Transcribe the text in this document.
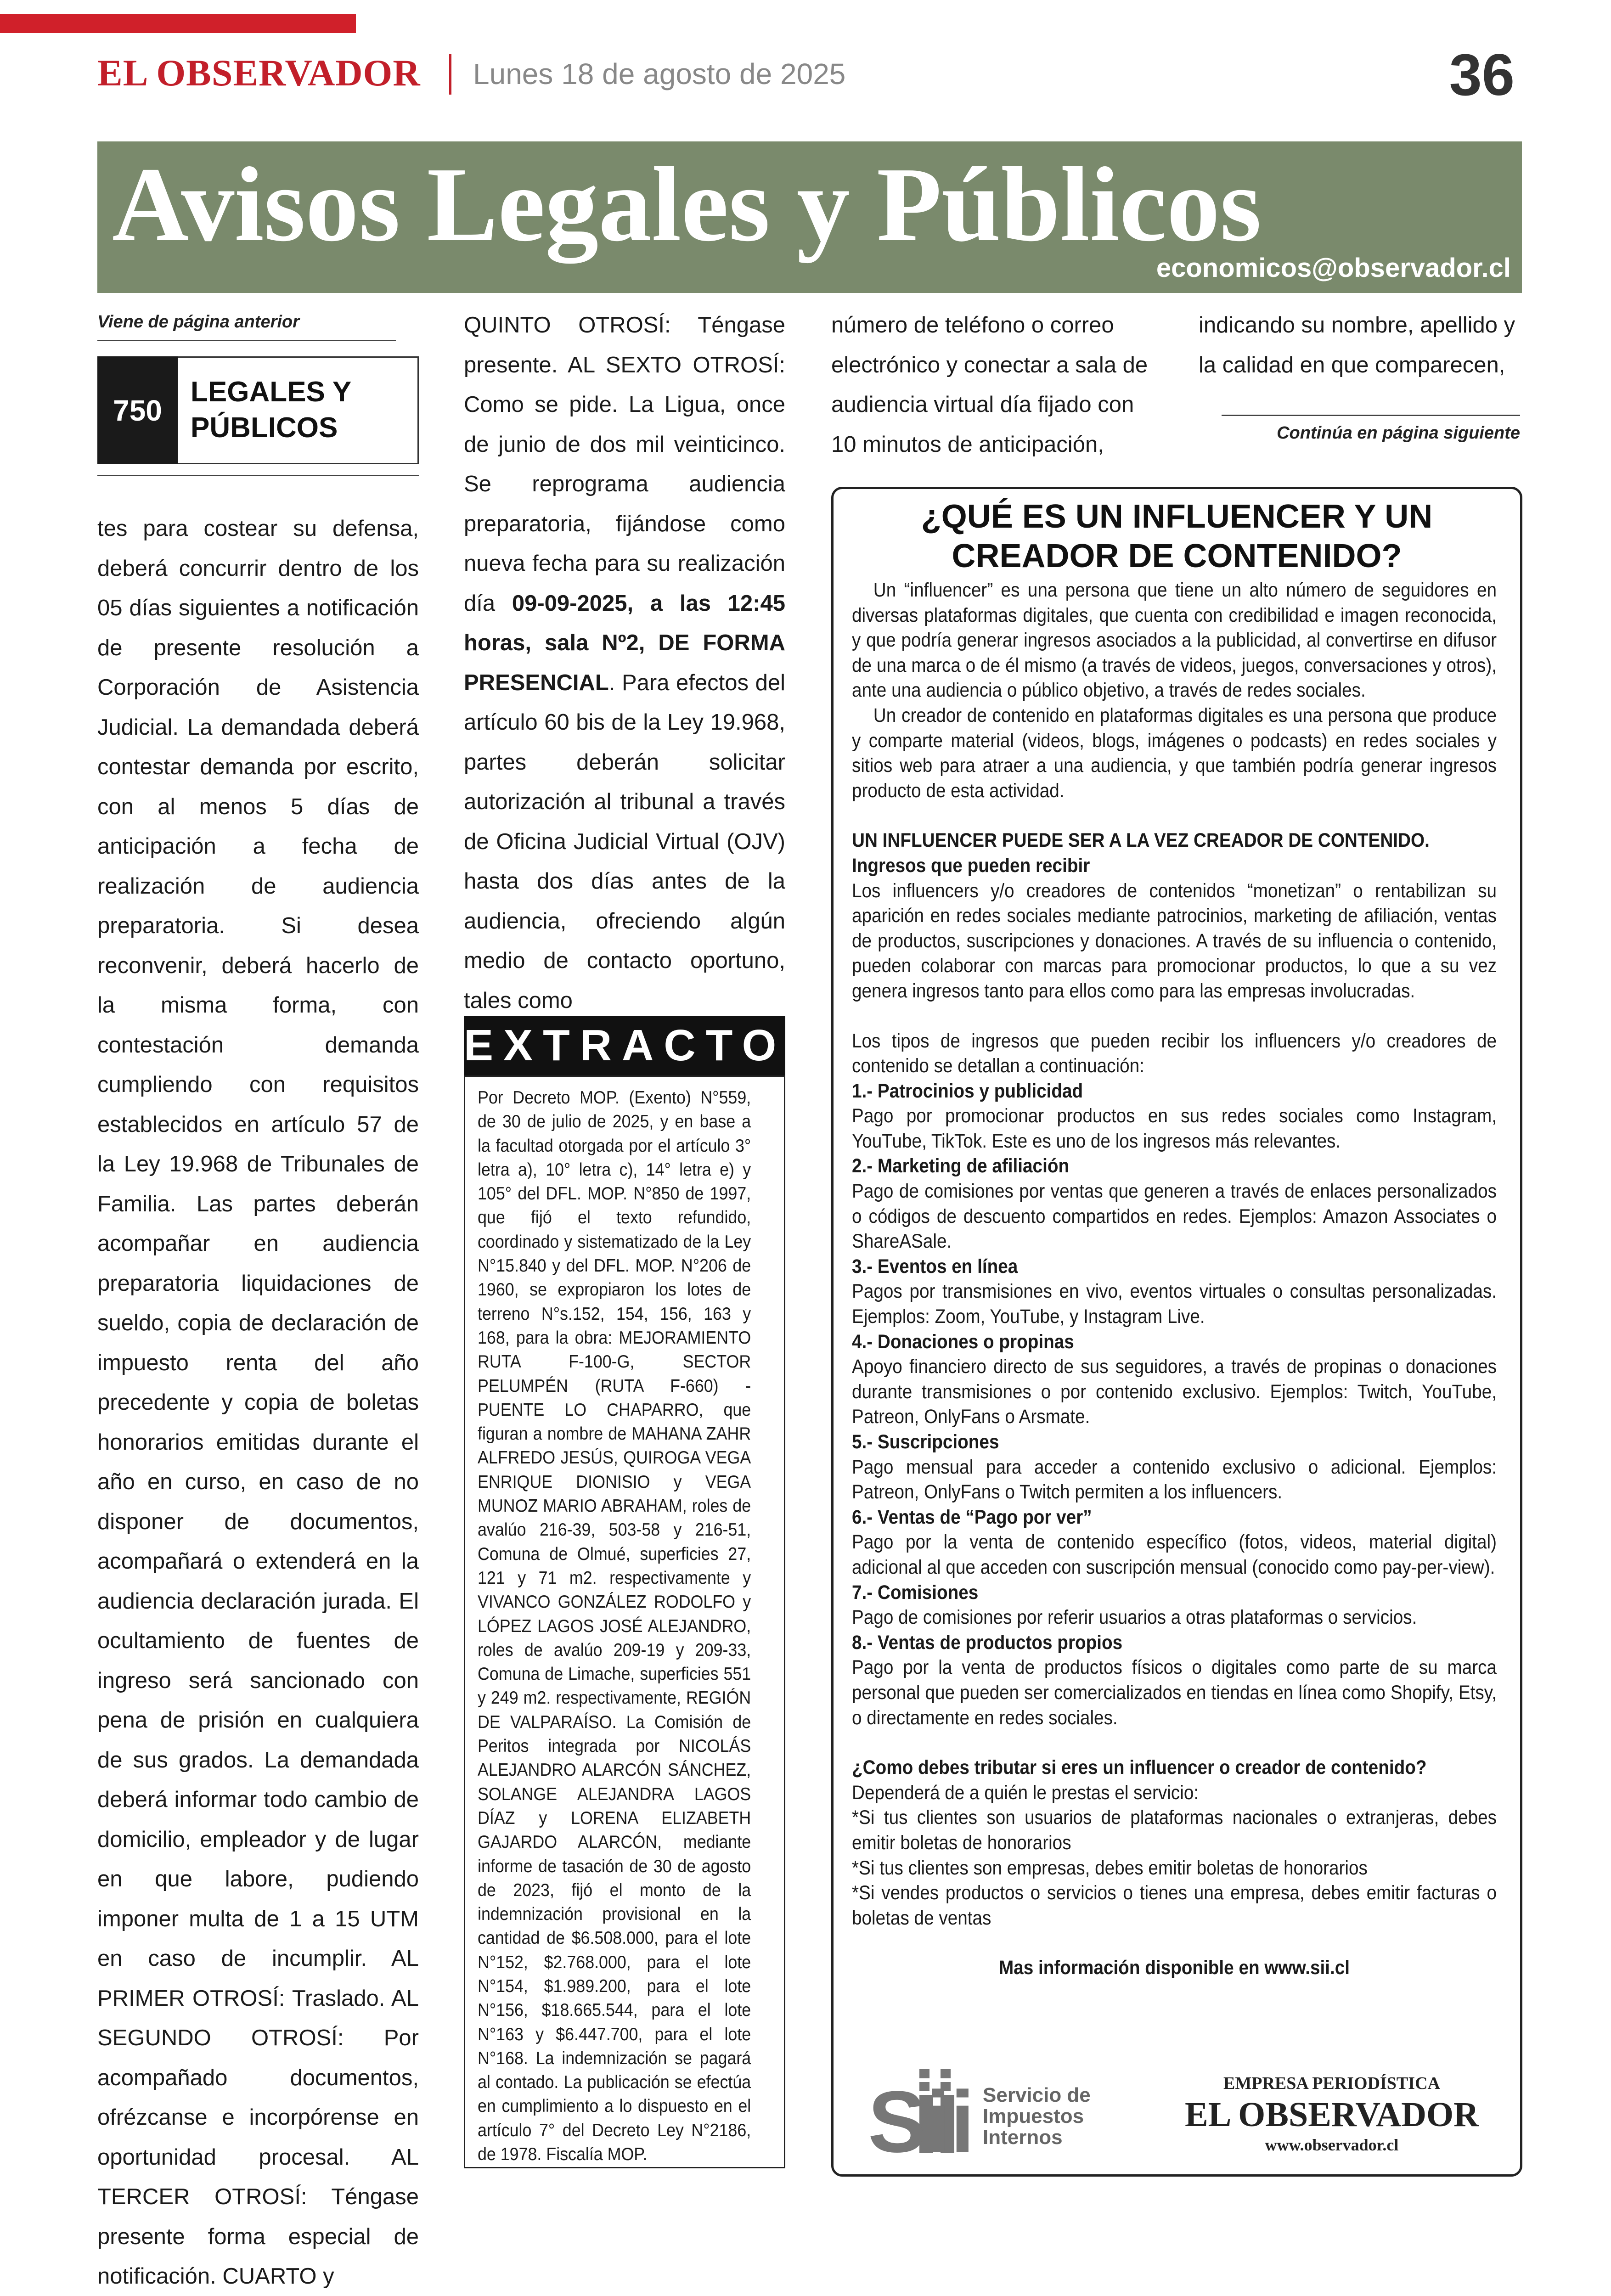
EL OBSERVADOR Lunes 18 de agosto de 2025	36
Avisos Legales y Públicos
economicos@observador.cl
Viene de página anterior
750
LEGALES Y
PÚBLICOS

tes para costear su defensa, deberá concurrir dentro de los 05 días siguientes a notificación de presente resolución a Corporación de Asistencia Judicial. La demandada deberá contestar demanda por escrito, con al menos 5 días de anticipación a fecha de realización de audiencia preparatoria. Si desea reconvenir, deberá hacerlo de la misma forma, con contestación demanda cumpliendo con requisitos establecidos en artículo 57 de la Ley 19.968 de Tribunales de Familia. Las partes deberán acompañar en audiencia preparatoria liquidaciones de sueldo, copia de declaración de impuesto renta del año precedente y copia de boletas honorarios emitidas durante el año en curso, en caso de no disponer de documentos, acompañará o extenderá en la audiencia declaración jurada. El ocultamiento de fuentes de ingreso será sancionado con pena de prisión en cualquiera de sus grados. La demandada deberá informar todo cambio de domicilio, empleador y de lugar en que labore, pudiendo imponer multa de 1 a 15 UTM en caso de incumplir. AL PRIMER OTROSÍ: Traslado. AL SEGUNDO OTROSÍ: Por acompañado documentos, ofrézcanse e incorpórense en oportunidad procesal. AL TERCER OTROSÍ: Téngase presente forma especial de notificación. CUARTO y

QUINTO OTROSÍ: Téngase presente. AL SEXTO OTROSÍ: Como se pide. La Ligua, once de junio de dos mil veinticinco. Se reprograma audiencia preparatoria, fijándose como nueva fecha para su realización día 09-09-2025, a las 12:45 horas, sala Nº2, DE FORMA PRESENCIAL. Para efectos del artículo 60 bis de la Ley 19.968, partes deberán solicitar autorización al tribunal a través de Oficina Judicial Virtual (OJV) hasta dos días antes de la audiencia, ofreciendo algún medio de contacto oportuno, tales como

número de teléfono o correo electrónico y conectar a sala de audiencia virtual día fijado con 10 minutos de anticipación,

indicando su nombre, apellido y la calidad en que comparecen,

Continúa en página siguiente
EXTRACTO
Por Decreto MOP. (Exento) N°559, de 30 de julio de 2025, y en base a la facultad otorgada por el artículo 3° letra a), 10° letra c), 14° letra e) y 105° del DFL. MOP. N°850 de 1997, que fijó el texto refundido, coordinado y sistematizado de la Ley N°15.840 y del DFL. MOP. N°206 de 1960, se expropiaron los lotes de terreno N°s.152, 154, 156, 163 y 168, para la obra: MEJORAMIENTO RUTA F-100-G, SECTOR PELUMPÉN (RUTA F-660) - PUENTE LO CHAPARRO, que figuran a nombre de MAHANA ZAHR ALFREDO JESÚS, QUIROGA VEGA ENRIQUE DIONISIO y VEGA MUNOZ MARIO ABRAHAM, roles de avalúo 216-39, 503-58 y 216-51, Comuna de Olmué, superficies 27, 121 y 71 m2. respectivamente y VIVANCO GONZÁLEZ RODOLFO y LÓPEZ LAGOS JOSÉ ALEJANDRO, roles de avalúo 209-19 y 209-33, Comuna de Limache, superficies 551 y 249 m2. respectivamente, REGIÓN DE VALPARAÍSO. La Comisión de Peritos integrada por NICOLÁS ALEJANDRO ALARCÓN SÁNCHEZ, SOLANGE ALEJANDRA LAGOS DÍAZ y LORENA ELIZABETH GAJARDO ALARCÓN, mediante informe de tasación de 30 de agosto de 2023, fijó el monto de la indemnización provisional en la cantidad de $6.508.000, para el lote N°152, $2.768.000, para el lote N°154, $1.989.200, para el lote N°156, $18.665.544, para el lote N°163 y $6.447.700, para el lote N°168. La indemnización se pagará al contado. La publicación se efectúa en cumplimiento a lo dispuesto en el artículo 7° del Decreto Ley N°2186, de 1978. Fiscalía MOP.
¿QUÉ ES UN INFLUENCER Y UN
CREADOR DE CONTENIDO?

Un “influencer” es una persona que tiene un alto número de seguidores en diversas plataformas digitales, que cuenta con credibilidad e imagen reconocida, y que podría generar ingresos asociados a la publicidad, al convertirse en difusor de una marca o de él mismo (a través de videos, juegos, conversaciones y otros), ante una audiencia o público objetivo, a través de redes sociales.

Un creador de contenido en plataformas digitales es una persona que produce y comparte material (videos, blogs, imágenes o podcasts) en redes sociales y sitios web para atraer a una audiencia, y que también podría generar ingresos producto de esta actividad.

UN INFLUENCER PUEDE SER A LA VEZ CREADOR DE CONTENIDO.

Ingresos que pueden recibir

Los influencers y/o creadores de contenidos “monetizan” o rentabilizan su aparición en redes sociales mediante patrocinios, marketing de afiliación, ventas de productos, suscripciones y donaciones. A través de su influencia o contenido, pueden colaborar con marcas para promocionar productos, lo que a su vez genera ingresos tanto para ellos como para las empresas involucradas.

Los tipos de ingresos que pueden recibir los influencers y/o creadores de contenido se detallan a continuación:

1.- Patrocinios y publicidad

Pago por promocionar productos en sus redes sociales como Instagram, YouTube, TikTok. Este es uno de los ingresos más relevantes.

2.- Marketing de afiliación

Pago de comisiones por ventas que generen a través de enlaces personalizados o códigos de descuento compartidos en redes. Ejemplos: Amazon Associates o ShareASale.

3.- Eventos en línea

Pagos por transmisiones en vivo, eventos virtuales o consultas personalizadas. Ejemplos: Zoom, YouTube, y Instagram Live.

4.- Donaciones o propinas

Apoyo financiero directo de sus seguidores, a través de propinas o donaciones durante transmisiones o por contenido exclusivo. Ejemplos: Twitch, YouTube, Patreon, OnlyFans o Arsmate.

5.- Suscripciones

Pago mensual para acceder a contenido exclusivo o adicional. Ejemplos: Patreon, OnlyFans o Twitch permiten a los influencers.

6.- Ventas de “Pago por ver”

Pago por la venta de contenido específico (fotos, videos, material digital) adicional al que acceden con suscripción mensual (conocido como pay-per-view).

7.- Comisiones

Pago de comisiones por referir usuarios a otras plataformas o servicios.

8.- Ventas de productos propios

Pago por la venta de productos físicos o digitales como parte de su marca personal que pueden ser comercializados en tiendas en línea como Shopify, Etsy, o directamente en redes sociales.

¿Como debes tributar si eres un influencer o creador de contenido?

Dependerá de a quién le prestas el servicio:

*Si tus clientes son usuarios de plataformas nacionales o extranjeras, debes emitir boletas de honorarios

*Si tus clientes son empresas, debes emitir boletas de honorarios

*Si vendes productos o servicios o tienes una empresa, debes emitir facturas o boletas de ventas

Mas información disponible en www.sii.cl

Sii Servicio de
Impuestos
Internos
EMPRESA PERIODÍSTICA
EL OBSERVADOR
www.observador.cl
